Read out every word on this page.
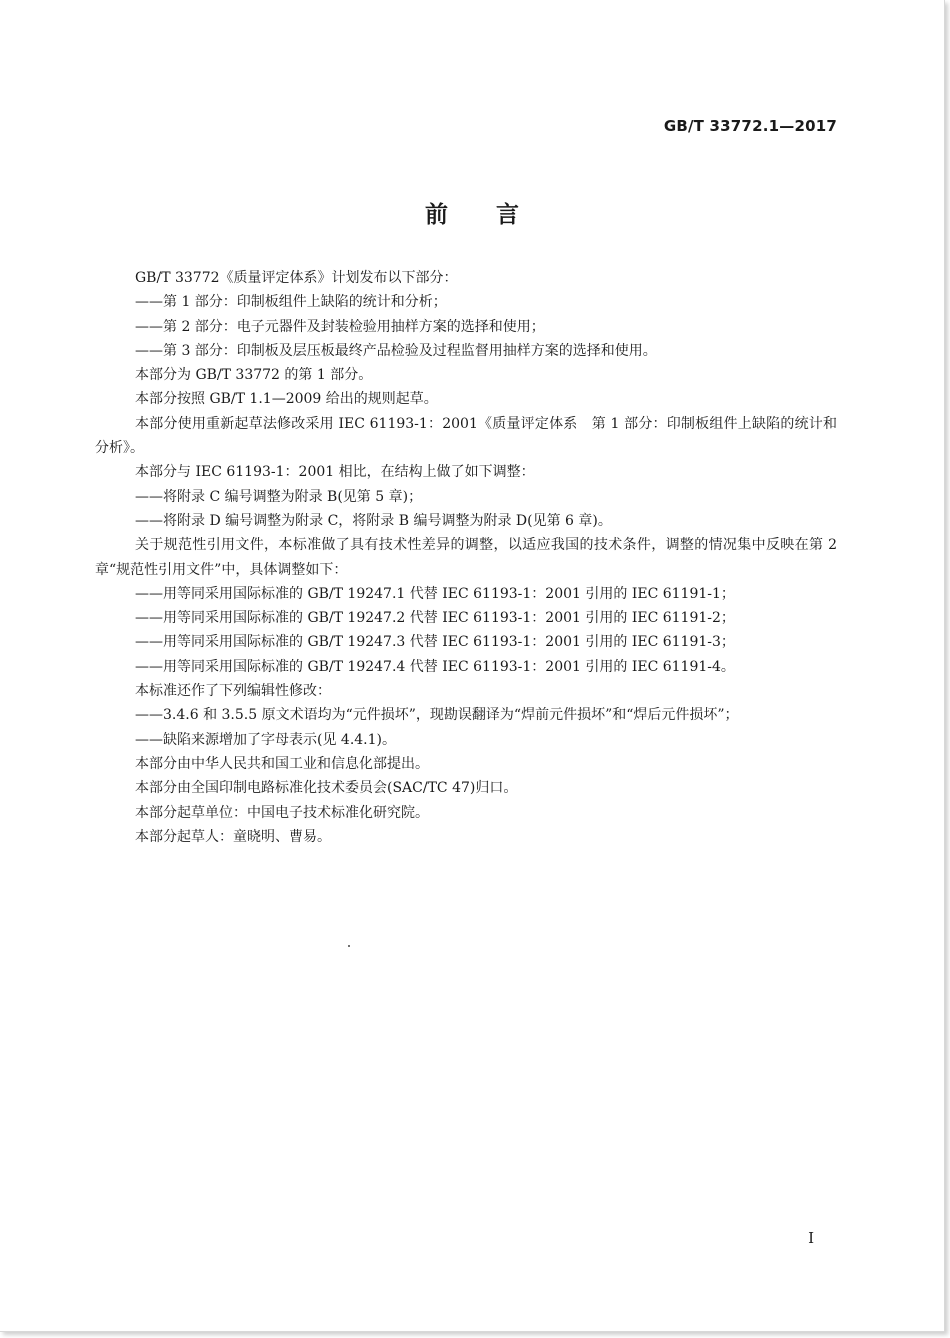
GB/T 33772.1—2017
前言

GB/T 33772《质量评定体系》计划发布以下部分：

——第 1 部分：印制板组件上缺陷的统计和分析；

——第 2 部分：电子元器件及封装检验用抽样方案的选择和使用；

——第 3 部分：印制板及层压板最终产品检验及过程监督用抽样方案的选择和使用。

本部分为 GB/T 33772 的第 1 部分。

本部分按照 GB/T 1.1—2009 给出的规则起草。

本部分使用重新起草法修改采用 IEC 61193-1：2001《质量评定体系　第 1 部分：印制板组件上缺陷的统计和分析》。

本部分与 IEC 61193-1：2001 相比，在结构上做了如下调整：

——将附录 C 编号调整为附录 B(见第 5 章)；

——将附录 D 编号调整为附录 C，将附录 B 编号调整为附录 D(见第 6 章)。

关于规范性引用文件，本标准做了具有技术性差异的调整，以适应我国的技术条件，调整的情况集中反映在第 2 章“规范性引用文件”中，具体调整如下：

——用等同采用国际标准的 GB/T 19247.1 代替 IEC 61193-1：2001 引用的 IEC 61191-1；

——用等同采用国际标准的 GB/T 19247.2 代替 IEC 61193-1：2001 引用的 IEC 61191-2；

——用等同采用国际标准的 GB/T 19247.3 代替 IEC 61193-1：2001 引用的 IEC 61191-3；

——用等同采用国际标准的 GB/T 19247.4 代替 IEC 61193-1：2001 引用的 IEC 61191-4。

本标准还作了下列编辑性修改：

——3.4.6 和 3.5.5 原文术语均为“元件损坏”，现勘误翻译为“焊前元件损坏”和“焊后元件损坏”；

——缺陷来源增加了字母表示(见 4.4.1)。

本部分由中华人民共和国工业和信息化部提出。

本部分由全国印制电路标准化技术委员会(SAC/TC 47)归口。

本部分起草单位：中国电子技术标准化研究院。

本部分起草人：童晓明、曹易。

I
